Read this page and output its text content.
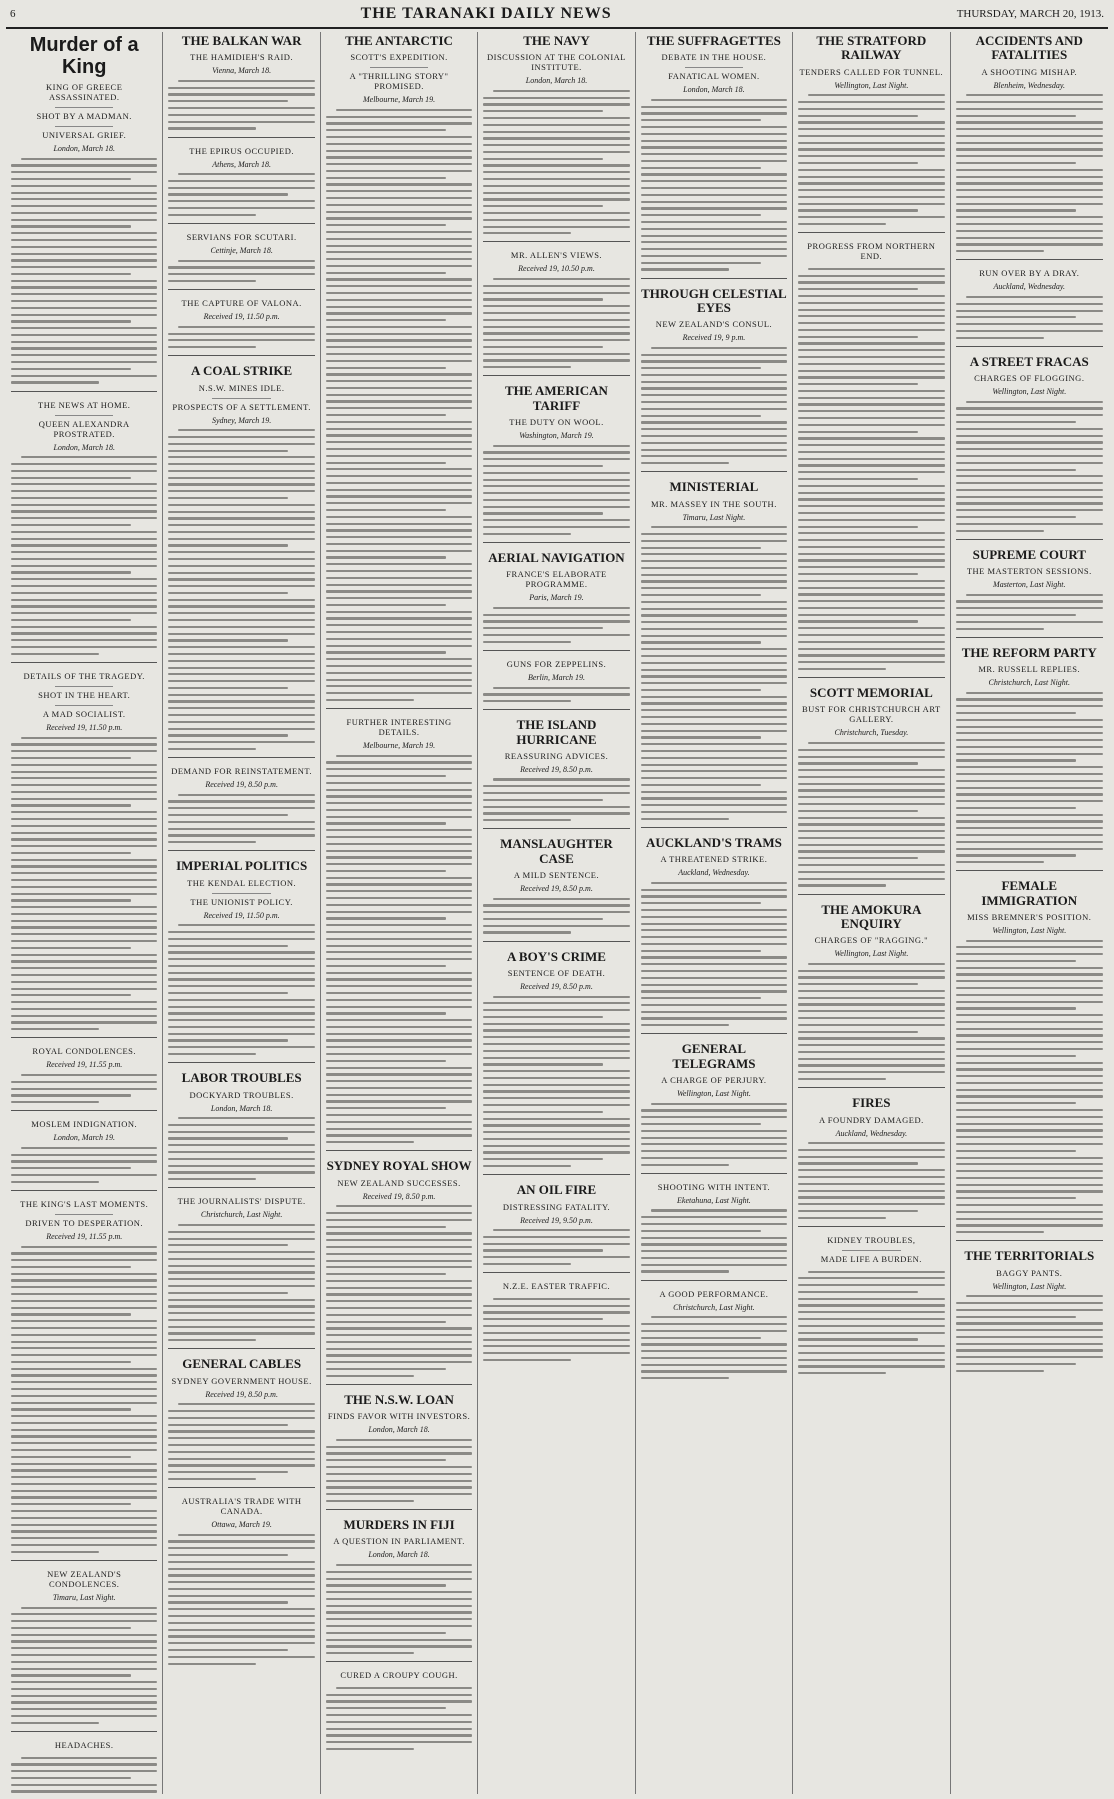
6	THE TARANAKI DAILY NEWS	THURSDAY, MARCH 20, 1913.
Murder of a King
KING OF GREECE ASSASSINATED.
SHOT BY A MADMAN.
UNIVERSAL GRIEF.
London, March 18.
THE NEWS AT HOME.
QUEEN ALEXANDRA PROSTRATED.
London, March 18.
DETAILS OF THE TRAGEDY.
SHOT IN THE HEART.
A MAD SOCIALIST.
Received 19, 11.50 p.m.
ROYAL CONDOLENCES.
Received 19, 11.55 p.m.
MOSLEM INDIGNATION.
London, March 19.
THE KING'S LAST MOMENTS.
DRIVEN TO DESPERATION.
Received 19, 11.55 p.m.
NEW ZEALAND'S CONDOLENCES.
Timaru, Last Night.
HEADACHES.
THE BALKAN WAR
THE HAMIDIEH'S RAID.
Vienna, March 18.
THE EPIRUS OCCUPIED.
Athens, March 18.
SERVIANS FOR SCUTARI.
Cettinje, March 18.
THE CAPTURE OF VALONA.
Received 19, 11.50 p.m.
A COAL STRIKE
N.S.W. MINES IDLE.
PROSPECTS OF A SETTLEMENT.
Sydney, March 19.
DEMAND FOR REINSTATEMENT.
Received 19, 8.50 p.m.
IMPERIAL POLITICS
THE KENDAL ELECTION.
THE UNIONIST POLICY.
Received 19, 11.50 p.m.
LABOR TROUBLES
DOCKYARD TROUBLES.
London, March 18.
THE JOURNALISTS' DISPUTE.
Christchurch, Last Night.
GENERAL CABLES
SYDNEY GOVERNMENT HOUSE.
Received 19, 8.50 p.m.
AUSTRALIA'S TRADE WITH CANADA.
Ottawa, March 19.
THE ANTARCTIC
SCOTT'S EXPEDITION.
A "THRILLING STORY" PROMISED.
Melbourne, March 19.
FURTHER INTERESTING DETAILS.
Melbourne, March 19.
SYDNEY ROYAL SHOW
NEW ZEALAND SUCCESSES.
Received 19, 8.50 p.m.
THE N.S.W. LOAN
FINDS FAVOR WITH INVESTORS.
London, March 18.
MURDERS IN FIJI
A QUESTION IN PARLIAMENT.
London, March 18.
CURED A CROUPY COUGH.
THE NAVY
DISCUSSION AT THE COLONIAL INSTITUTE.
London, March 18.
MR. ALLEN'S VIEWS.
Received 19, 10.50 p.m.
THE AMERICAN TARIFF
THE DUTY ON WOOL.
Washington, March 19.
AERIAL NAVIGATION
FRANCE'S ELABORATE PROGRAMME.
Paris, March 19.
GUNS FOR ZEPPELINS.
Berlin, March 19.
THE ISLAND HURRICANE
REASSURING ADVICES.
Received 19, 8.50 p.m.
MANSLAUGHTER CASE
A MILD SENTENCE.
Received 19, 8.50 p.m.
A BOY'S CRIME
SENTENCE OF DEATH.
Received 19, 8.50 p.m.
AN OIL FIRE
DISTRESSING FATALITY.
Received 19, 9.50 p.m.
N.Z.E. EASTER TRAFFIC.
THE SUFFRAGETTES
DEBATE IN THE HOUSE.
FANATICAL WOMEN.
London, March 18.
THROUGH CELESTIAL EYES
NEW ZEALAND'S CONSUL.
Received 19, 9 p.m.
MINISTERIAL
MR. MASSEY IN THE SOUTH.
Timaru, Last Night.
AUCKLAND'S TRAMS
A THREATENED STRIKE.
Auckland, Wednesday.
GENERAL TELEGRAMS
A CHARGE OF PERJURY.
Wellington, Last Night.
SHOOTING WITH INTENT.
Eketahuna, Last Night.
A GOOD PERFORMANCE.
Christchurch, Last Night.
THE STRATFORD RAILWAY
TENDERS CALLED FOR TUNNEL.
Wellington, Last Night.
PROGRESS FROM NORTHERN END.
SCOTT MEMORIAL
BUST FOR CHRISTCHURCH ART GALLERY.
Christchurch, Tuesday.
THE AMOKURA ENQUIRY
CHARGES OF "RAGGING."
Wellington, Last Night.
FIRES
A FOUNDRY DAMAGED.
Auckland, Wednesday.
KIDNEY TROUBLES,
MADE LIFE A BURDEN.
ACCIDENTS AND FATALITIES
A SHOOTING MISHAP.
Blenheim, Wednesday.
RUN OVER BY A DRAY.
Auckland, Wednesday.
A STREET FRACAS
CHARGES OF FLOGGING.
Wellington, Last Night.
SUPREME COURT
THE MASTERTON SESSIONS.
Masterton, Last Night.
THE REFORM PARTY
MR. RUSSELL REPLIES.
Christchurch, Last Night.
FEMALE IMMIGRATION
MISS BREMNER'S POSITION.
Wellington, Last Night.
THE TERRITORIALS
BAGGY PANTS.
Wellington, Last Night.
